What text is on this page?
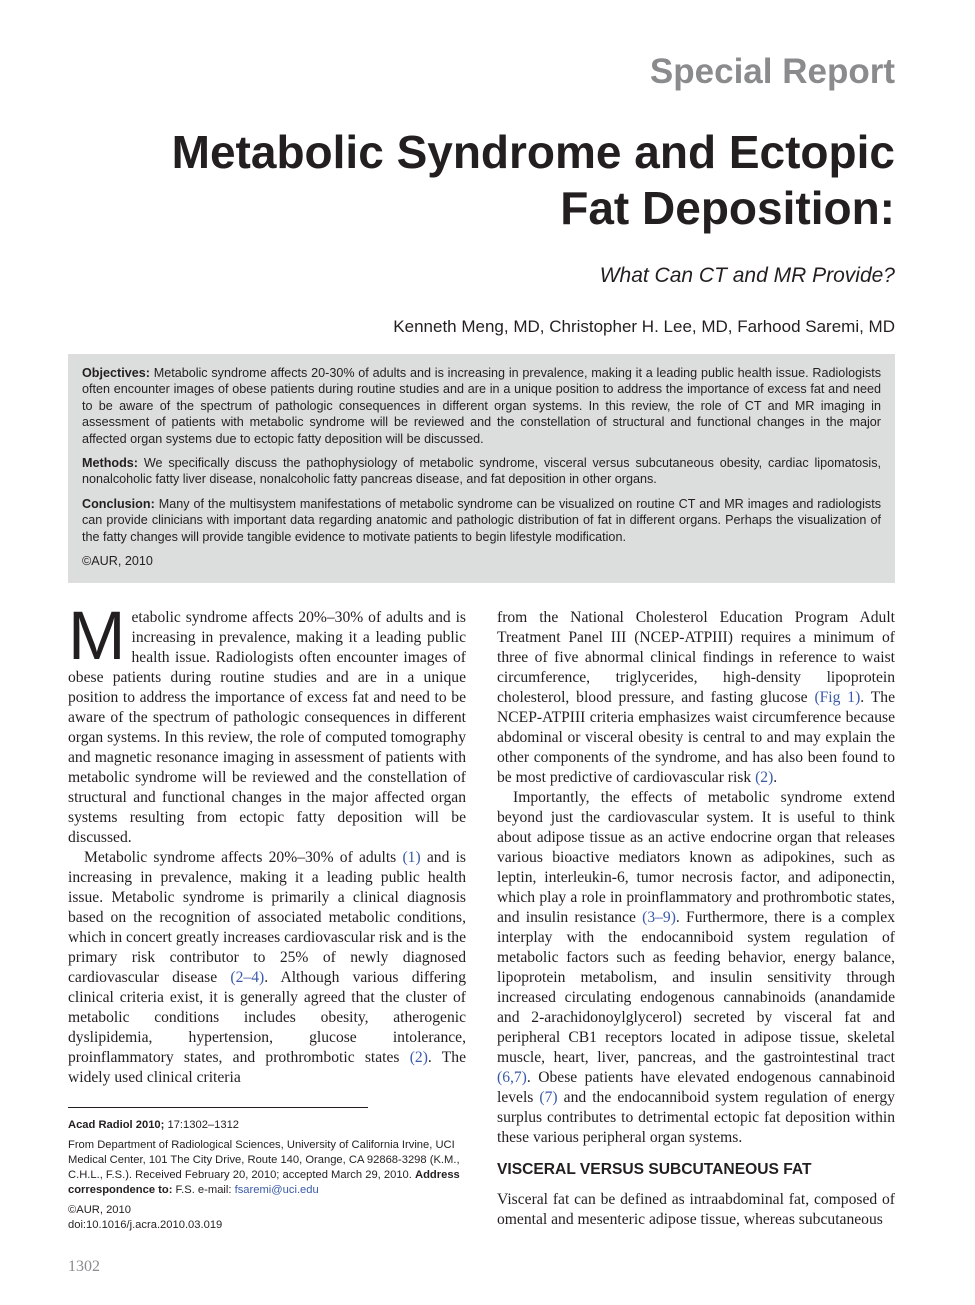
Special Report
Metabolic Syndrome and Ectopic
Fat Deposition:
What Can CT and MR Provide?
Kenneth Meng, MD, Christopher H. Lee, MD, Farhood Saremi, MD

Objectives: Metabolic syndrome affects 20-30% of adults and is increasing in prevalence, making it a leading public health issue. Radiologists often encounter images of obese patients during routine studies and are in a unique position to address the importance of excess fat and need to be aware of the spectrum of pathologic consequences in different organ systems. In this review, the role of CT and MR imaging in assessment of patients with metabolic syndrome will be reviewed and the constellation of structural and functional changes in the major affected organ systems due to ectopic fatty deposition will be discussed.

Methods: We specifically discuss the pathophysiology of metabolic syndrome, visceral versus subcutaneous obesity, cardiac lipomatosis, nonalcoholic fatty liver disease, nonalcoholic fatty pancreas disease, and fat deposition in other organs.

Conclusion: Many of the multisystem manifestations of metabolic syndrome can be visualized on routine CT and MR images and radiologists can provide clinicians with important data regarding anatomic and pathologic distribution of fat in different organs. Perhaps the visualization of the fatty changes will provide tangible evidence to motivate patients to begin lifestyle modification.

©AUR, 2010

Metabolic syndrome affects 20%–30% of adults and is increasing in prevalence, making it a leading public health issue. Radiologists often encounter images of obese patients during routine studies and are in a unique position to address the importance of excess fat and need to be aware of the spectrum of pathologic consequences in different organ systems. In this review, the role of computed tomography and magnetic resonance imaging in assessment of patients with metabolic syndrome will be reviewed and the constellation of structural and functional changes in the major affected organ systems resulting from ectopic fatty deposition will be discussed.

Metabolic syndrome affects 20%–30% of adults (1) and is increasing in prevalence, making it a leading public health issue. Metabolic syndrome is primarily a clinical diagnosis based on the recognition of associated metabolic conditions, which in concert greatly increases cardiovascular risk and is the primary risk contributor to 25% of newly diagnosed cardiovascular disease (2–4). Although various differing clinical criteria exist, it is generally agreed that the cluster of metabolic conditions includes obesity, atherogenic dyslipidemia, hypertension, glucose intolerance, proinflammatory states, and prothrombotic states (2). The widely used clinical criteria

from the National Cholesterol Education Program Adult Treatment Panel III (NCEP-ATPIII) requires a minimum of three of five abnormal clinical findings in reference to waist circumference, triglycerides, high-density lipoprotein cholesterol, blood pressure, and fasting glucose (Fig 1). The NCEP-ATPIII criteria emphasizes waist circumference because abdominal or visceral obesity is central to and may explain the other components of the syndrome, and has also been found to be most predictive of cardiovascular risk (2).

Importantly, the effects of metabolic syndrome extend beyond just the cardiovascular system. It is useful to think about adipose tissue as an active endocrine organ that releases various bioactive mediators known as adipokines, such as leptin, interleukin-6, tumor necrosis factor, and adiponectin, which play a role in proinflammatory and prothrombotic states, and insulin resistance (3–9). Furthermore, there is a complex interplay with the endocanniboid system regulation of metabolic factors such as feeding behavior, energy balance, lipoprotein metabolism, and insulin sensitivity through increased circulating endogenous cannabinoids (anandamide and 2-arachidonoylglycerol) secreted by visceral fat and peripheral CB1 receptors located in adipose tissue, skeletal muscle, heart, liver, pancreas, and the gastrointestinal tract (6,7). Obese patients have elevated endogenous cannabinoid levels (7) and the endocanniboid system regulation of energy surplus contributes to detrimental ectopic fat deposition within these various peripheral organ systems.

VISCERAL VERSUS SUBCUTANEOUS FAT

Visceral fat can be defined as intraabdominal fat, composed of omental and mesenteric adipose tissue, whereas subcutaneous

Acad Radiol 2010; 17:1302–1312

From Department of Radiological Sciences, University of California Irvine, UCI Medical Center, 101 The City Drive, Route 140, Orange, CA 92868-3298 (K.M., C.H.L., F.S.). Received February 20, 2010; accepted March 29, 2010. Address correspondence to: F.S. e-mail: fsaremi@uci.edu

©AUR, 2010
doi:10.1016/j.acra.2010.03.019

1302
